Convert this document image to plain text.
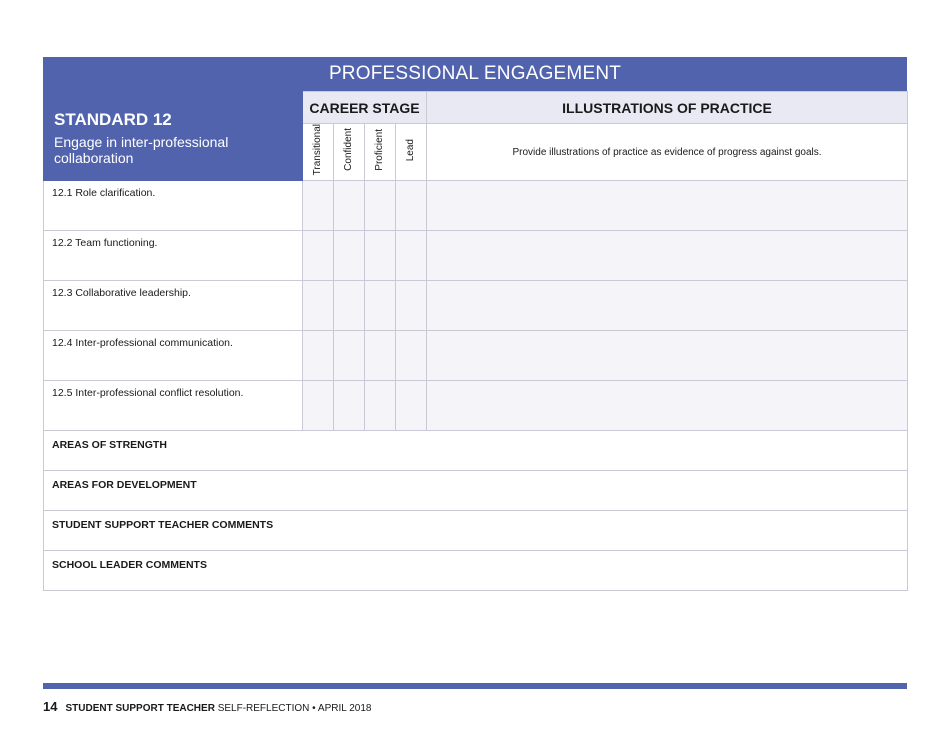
PROFESSIONAL ENGAGEMENT
STANDARD 12
Engage in inter-professional collaboration	CAREER STAGE				ILLUSTRATIONS OF PRACTICE
	Transitional	Confident	Proficient	Lead	Provide illustrations of practice as evidence of progress against goals.
12.1 Role clarification.					
12.2 Team functioning.					
12.3 Collaborative leadership.					
12.4 Inter-professional communication.					
12.5 Inter-professional conflict resolution.					
AREAS OF STRENGTH					
AREAS FOR DEVELOPMENT					
STUDENT SUPPORT TEACHER COMMENTS					
SCHOOL LEADER COMMENTS					
14 STUDENT SUPPORT TEACHER SELF-REFLECTION • APRIL 2018
